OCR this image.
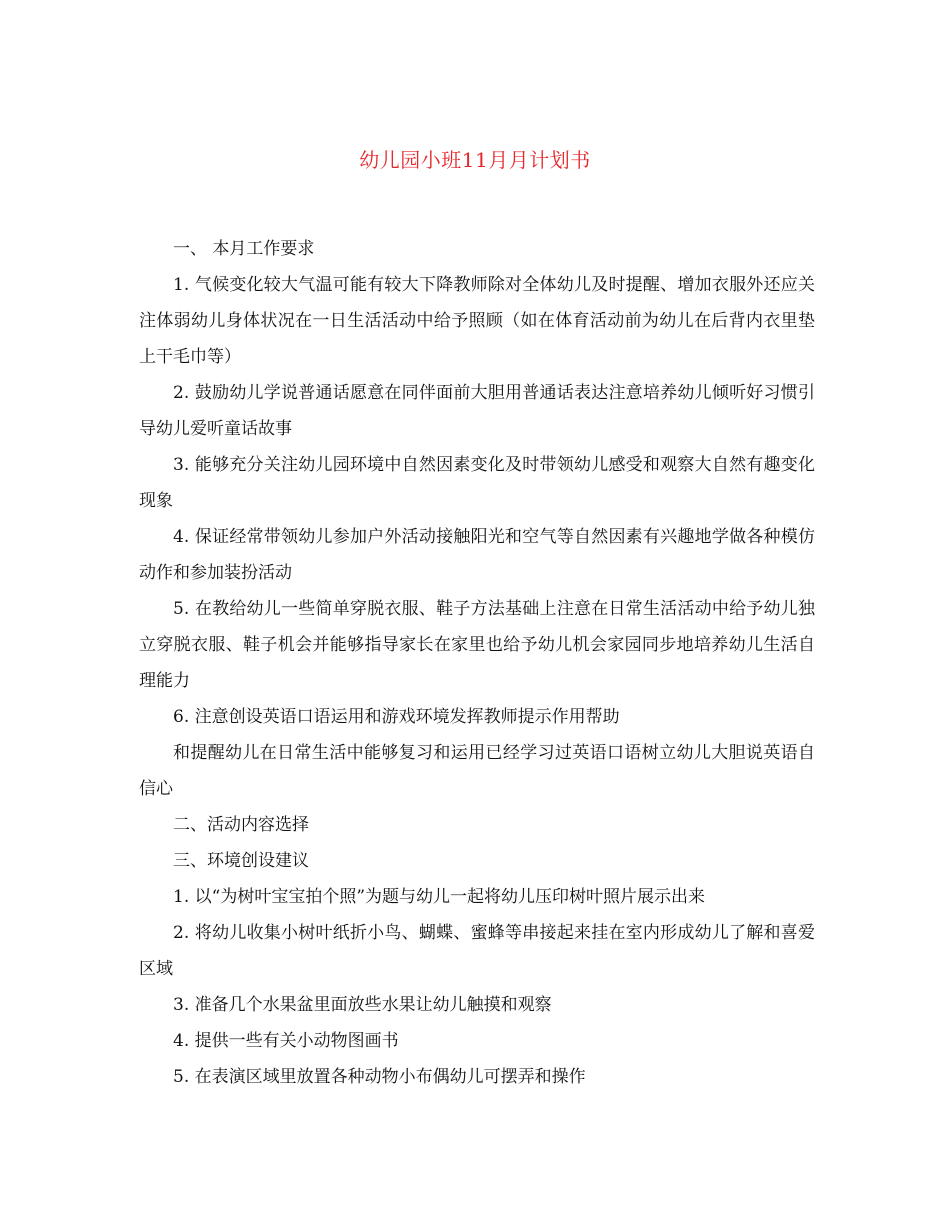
幼儿园小班11月月计划书

一、 本月工作要求

1. 气候变化较大气温可能有较大下降教师除对全体幼儿及时提醒、增加衣服外还应关注体弱幼儿身体状况在一日生活活动中给予照顾（如在体育活动前为幼儿在后背内衣里垫上干毛巾等）

2. 鼓励幼儿学说普通话愿意在同伴面前大胆用普通话表达注意培养幼儿倾听好习惯引导幼儿爱听童话故事

3. 能够充分关注幼儿园环境中自然因素变化及时带领幼儿感受和观察大自然有趣变化现象

4. 保证经常带领幼儿参加户外活动接触阳光和空气等自然因素有兴趣地学做各种模仿动作和参加装扮活动

5. 在教给幼儿一些简单穿脱衣服、鞋子方法基础上注意在日常生活活动中给予幼儿独立穿脱衣服、鞋子机会并能够指导家长在家里也给予幼儿机会家园同步地培养幼儿生活自理能力

6. 注意创设英语口语运用和游戏环境发挥教师提示作用帮助

和提醒幼儿在日常生活中能够复习和运用已经学习过英语口语树立幼儿大胆说英语自信心

二、活动内容选择

三、环境创设建议

1. 以“为树叶宝宝拍个照”为题与幼儿一起将幼儿压印树叶照片展示出来

2. 将幼儿收集小树叶纸折小鸟、蝴蝶、蜜蜂等串接起来挂在室内形成幼儿了解和喜爱区域

3. 准备几个水果盆里面放些水果让幼儿触摸和观察

4. 提供一些有关小动物图画书

5. 在表演区域里放置各种动物小布偶幼儿可摆弄和操作
